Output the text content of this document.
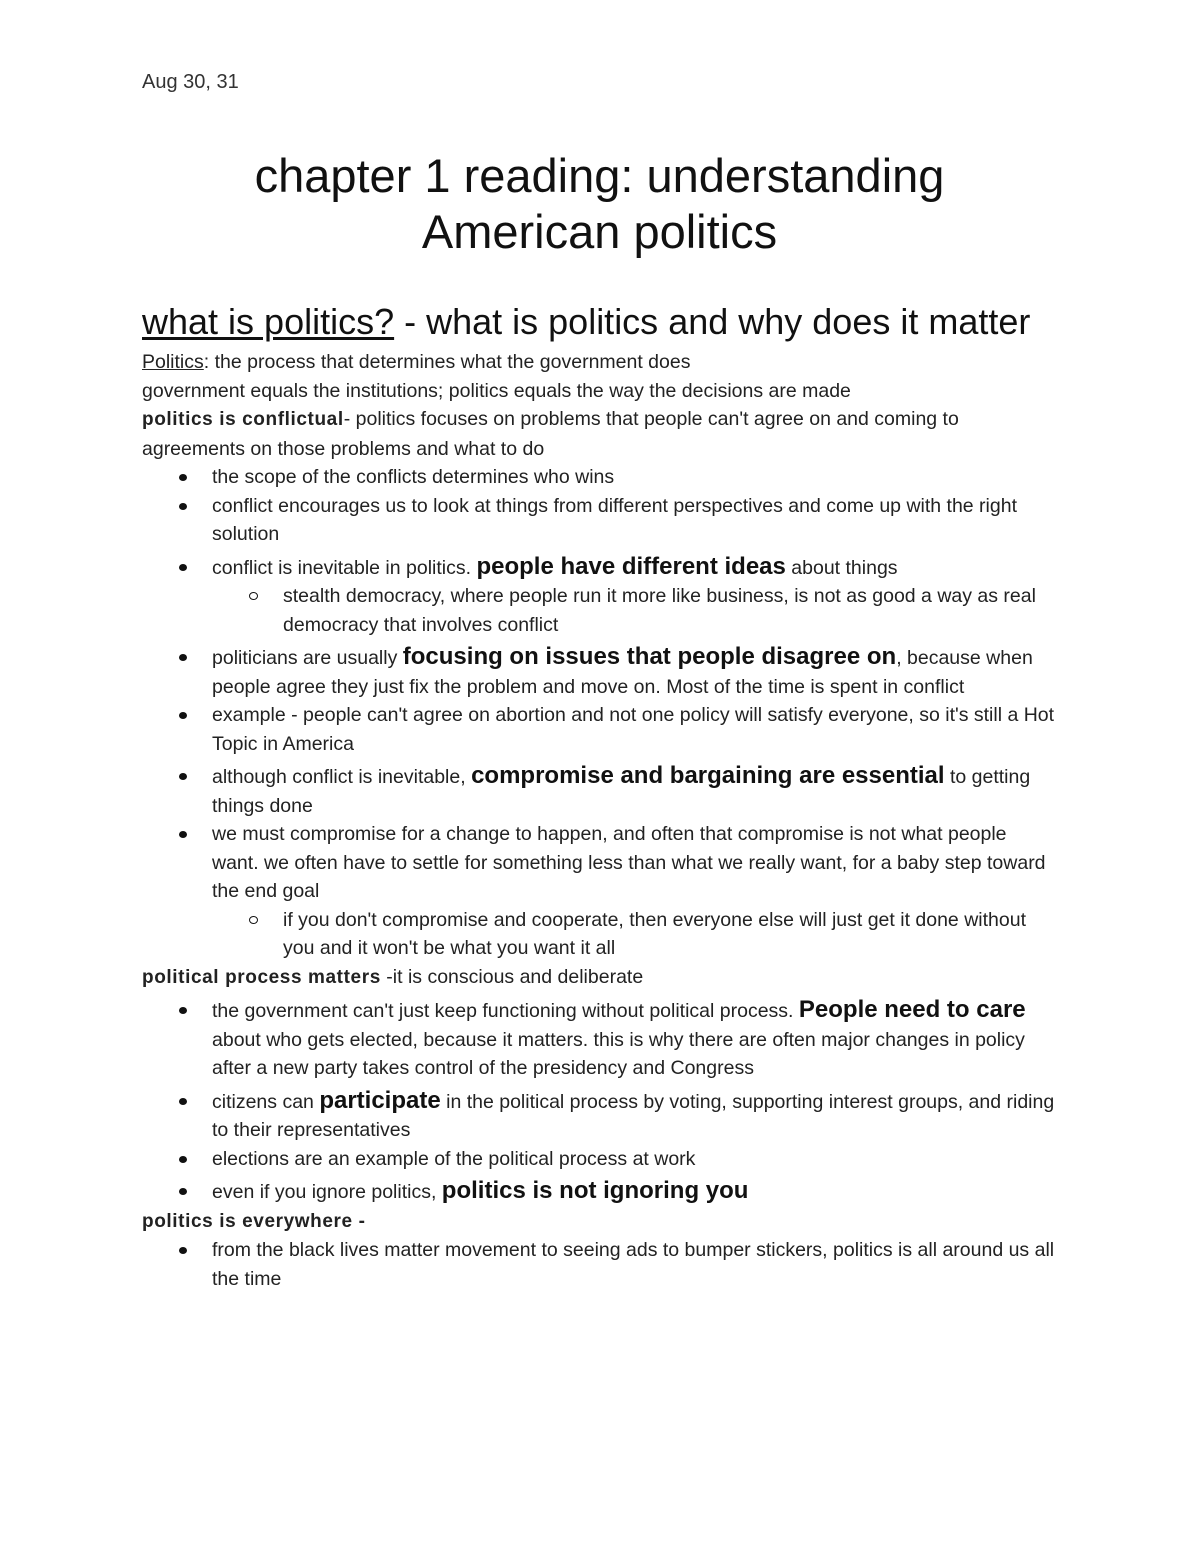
Aug 30, 31
chapter 1 reading: understanding
American politics
what is politics? - what is politics and why does it matter

Politics: the process that determines what the government does

government equals the institutions; politics equals the way the decisions are made

politics is conflictual- politics focuses on problems that people can't agree on and coming to agreements on those problems and what to do

the scope of the conflicts determines who wins
conflict encourages us to look at things from different perspectives and come up with the right solution
conflict is inevitable in politics. people have different ideas about things
stealth democracy, where people run it more like business, is not as good a way as real democracy that involves conflict
politicians are usually focusing on issues that people disagree on, because when people agree they just fix the problem and move on. Most of the time is spent in conflict
example - people can't agree on abortion and not one policy will satisfy everyone, so it's still a Hot Topic in America
although conflict is inevitable, compromise and bargaining are essential to getting things done
we must compromise for a change to happen, and often that compromise is not what people want. we often have to settle for something less than what we really want, for a baby step toward the end goal
if you don't compromise and cooperate, then everyone else will just get it done without you and it won't be what you want it all

political process matters -it is conscious and deliberate

the government can't just keep functioning without political process. People need to care about who gets elected, because it matters. this is why there are often major changes in policy after a new party takes control of the presidency and Congress
citizens can participate in the political process by voting, supporting interest groups, and riding to their representatives
elections are an example of the political process at work
even if you ignore politics, politics is not ignoring you

politics is everywhere -

from the black lives matter movement to seeing ads to bumper stickers, politics is all around us all the time
